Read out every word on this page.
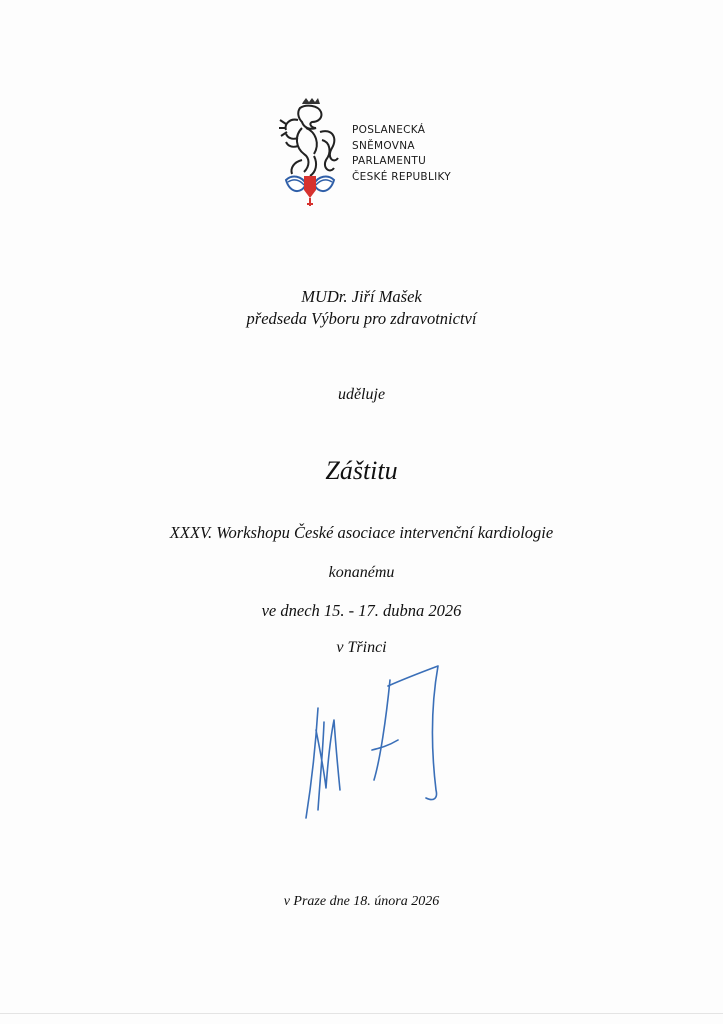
POSLANECKÁ
SNĚMOVNA
PARLAMENTU
ČESKÉ REPUBLIKY
MUDr. Jiří Mašek
předseda Výboru pro zdravotnictví
uděluje
Záštitu
XXXV. Workshopu České asociace intervenční kardiologie
konanému
ve dnech 15. - 17. dubna 2026
v Třinci
v Praze dne 18. února 2026
